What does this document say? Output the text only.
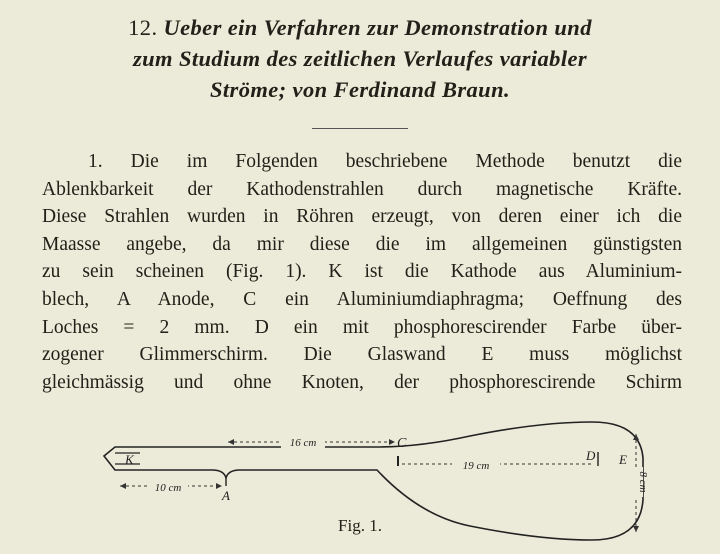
12. Ueber ein Verfahren zur Demonstration und
zum Studium des zeitlichen Verlaufes variabler
Ströme; von Ferdinand Braun.
1. Die im Folgenden beschriebene Methode benutzt die
Ablenkbarkeit der Kathodenstrahlen durch magnetische Kräfte.
Diese Strahlen wurden in Röhren erzeugt, von deren einer ich die
Maasse angebe, da mir diese die im allgemeinen günstigsten
zu sein scheinen (Fig. 1). K ist die Kathode aus Aluminium-
blech, A Anode, C ein Aluminiumdiaphragma; Oeffnung des
Loches = 2 mm. D ein mit phosphorescirender Farbe über-
zogener Glimmerschirm. Die Glaswand E muss möglichst
gleichmässig und ohne Knoten, der phosphorescirende Schirm
16 cm
19 cm
10 cm	8 cm
K
C
D E
A
Fig. 1.
